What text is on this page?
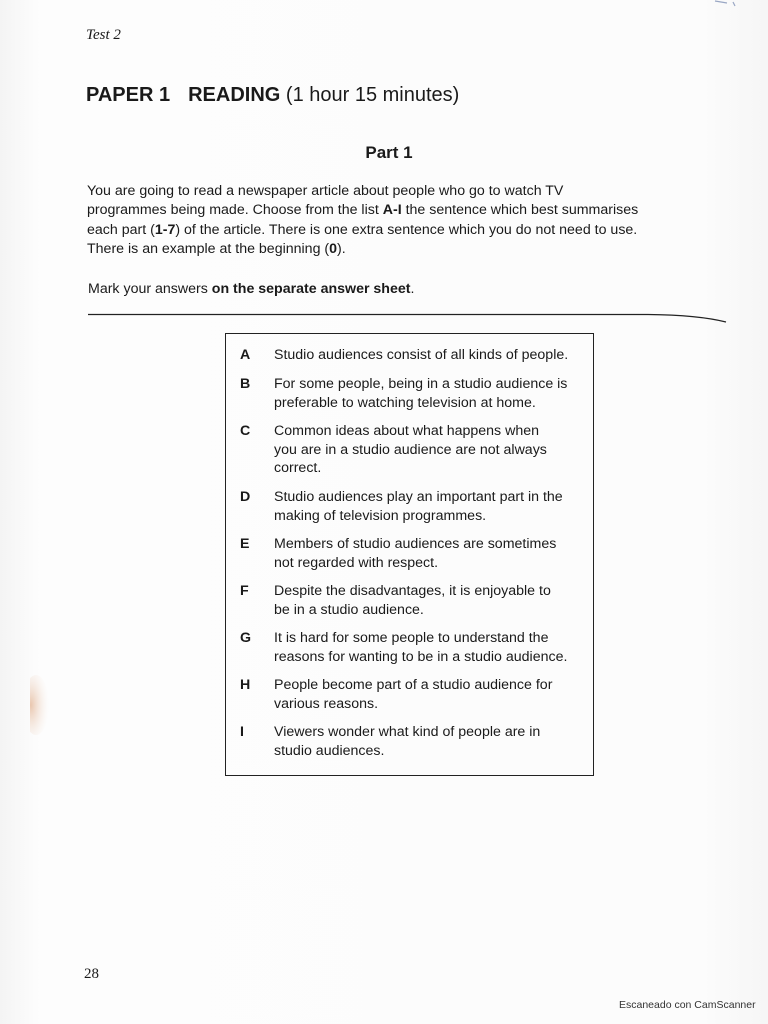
Test 2
PAPER 1 READING (1 hour 15 minutes)
Part 1

You are going to read a newspaper article about people who go to watch TV

programmes being made. Choose from the list A-I the sentence which best summarises

each part (1-7) of the article. There is one extra sentence which you do not need to use.

There is an example at the beginning (0).

Mark your answers on the separate answer sheet.
A Studio audiences consist of all kinds of people.
B For some people, being in a studio audience is
preferable to watching television at home.
C Common ideas about what happens when
you are in a studio audience are not always
correct.
D Studio audiences play an important part in the
making of television programmes.
E Members of studio audiences are sometimes
not regarded with respect.
F Despite the disadvantages, it is enjoyable to
be in a studio audience.
G It is hard for some people to understand the
reasons for wanting to be in a studio audience.
H People become part of a studio audience for
various reasons.
I Viewers wonder what kind of people are in
studio audiences.
28
Escaneado con CamScanner
